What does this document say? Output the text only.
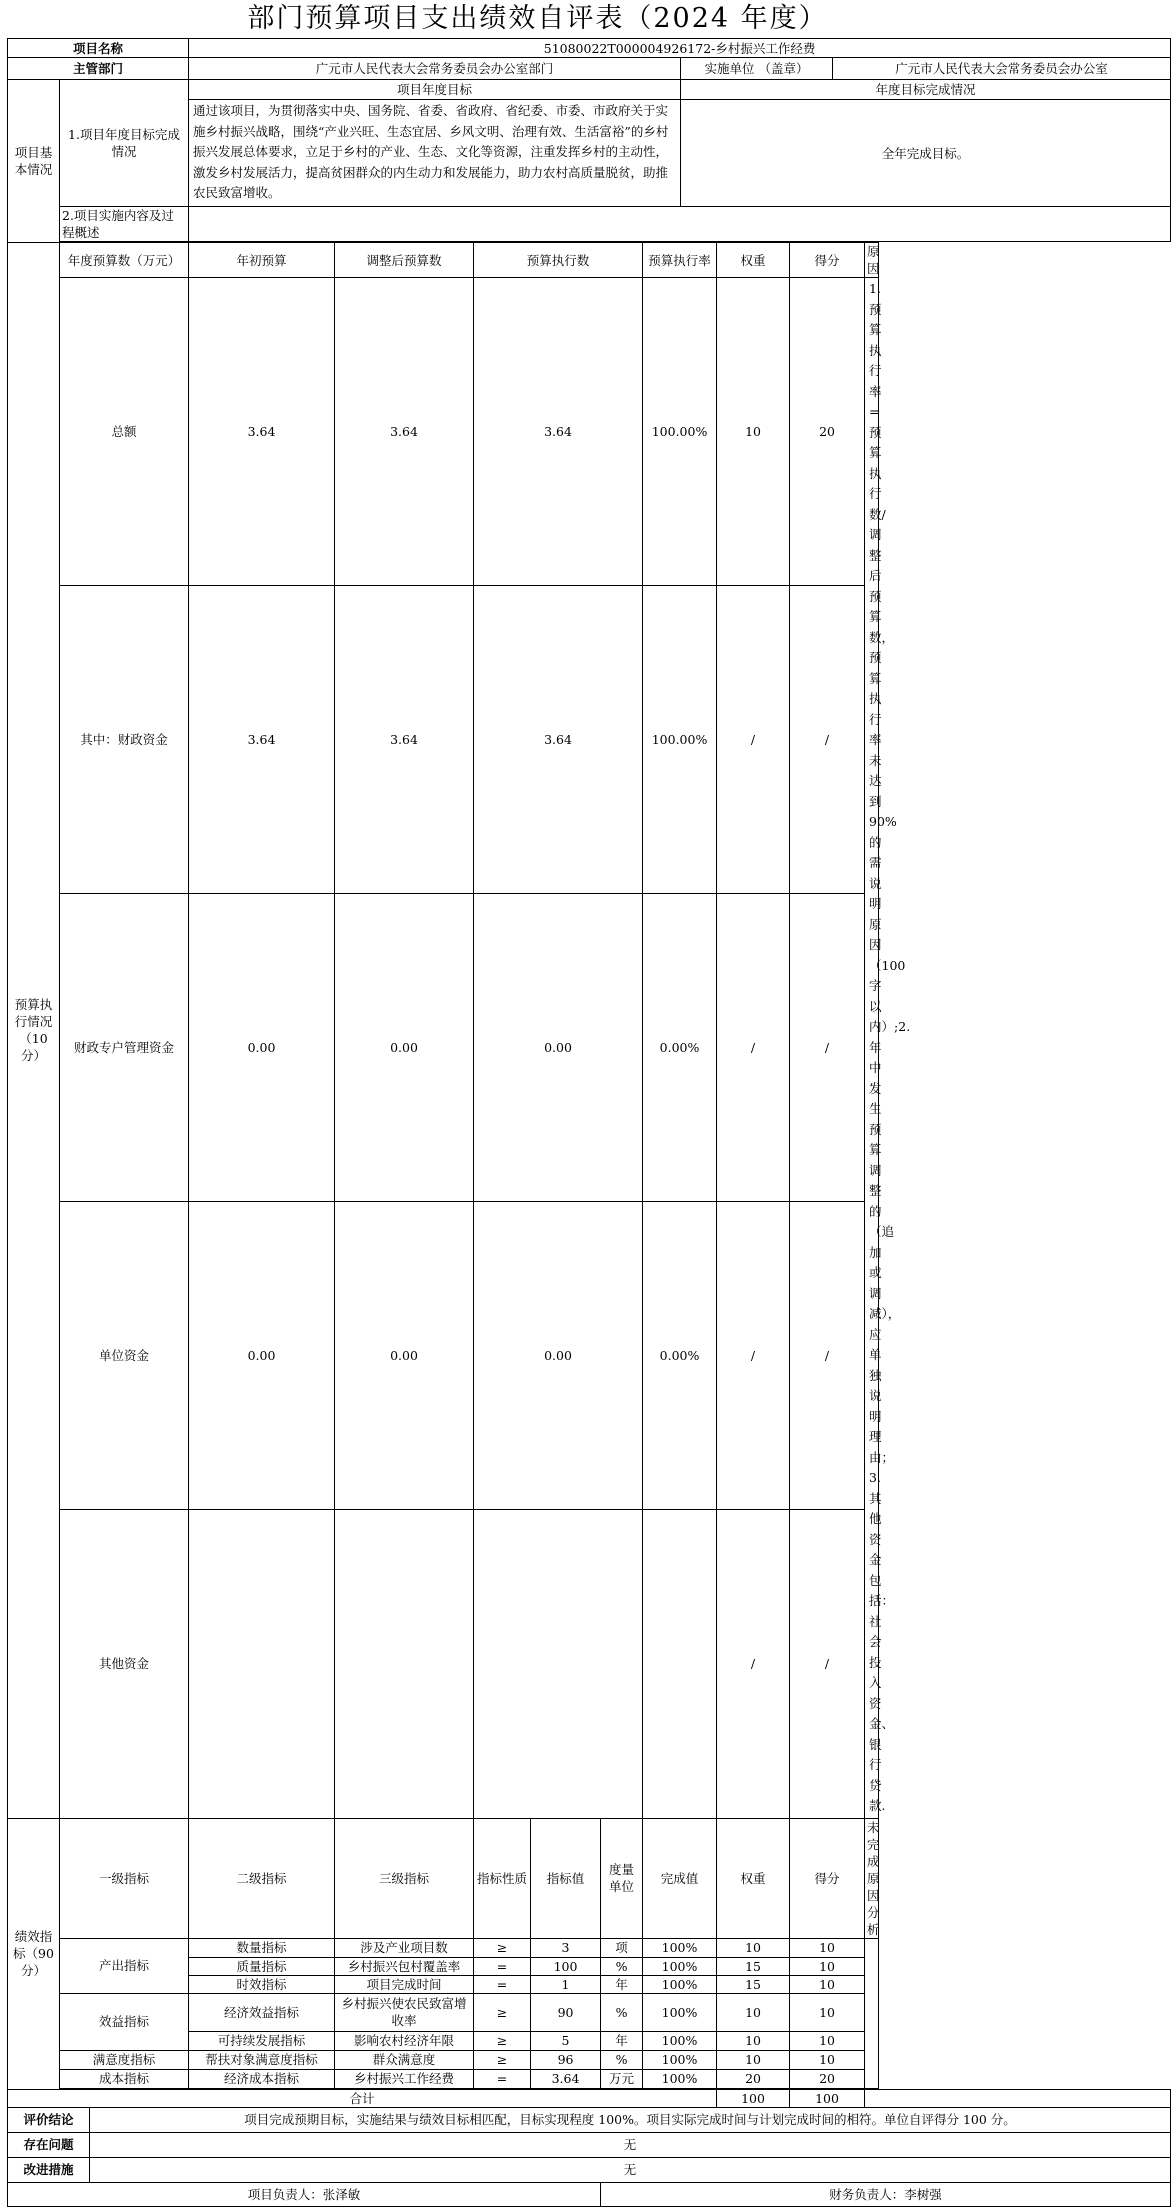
部门预算项目支出绩效自评表（2024 年度）
项目名称			51080022T000004926172-乡村振兴工作经费										
主管部门			广元市人民代表大会常务委员会办公室部门						实施单位 （盖章）			广元市人民代表大会常务委员会办公室	
项目基本情况	1.项目年度目标完成情况		项目年度目标						年度目标完成情况				
			通过该项目，为贯彻落实中央、国务院、省委、省政府、省纪委、市委、市政府关于实施乡村振兴战略，围绕“产业兴旺、生态宜居、乡风文明、治理有效、生活富裕”的乡村振兴发展总体要求，立足于乡村的产业、生态、文化等资源，注重发挥乡村的主动性，激发乡村发展活力，提高贫困群众的内生动力和发展能力，助力农村高质量脱贫，助推农民致富增收。						全年完成目标。				
	2.项目实施内容及过程概述												

预算执行情况（10分）	年度预算数（万元）		年初预算	调整后预算数	预算执行数			预算执行率		权重	得分		原因
	总额		3.64	3.64	3.64			100.00%		10	20		1.预算执行率=预算执行数/调整后预算数，预算执行率未达到 90%的需说明原因（100 字以内）;2.年中发生预算调整的（追加或调减），应单独说明理由；3.其他资金包括：社会投入资金、银行贷款.
	其中：财政资金		3.64	3.64	3.64			100.00%		/	/		
	财政专户管理资金		0.00	0.00	0.00			0.00%		/	/		
	单位资金		0.00	0.00	0.00			0.00%		/	/		
	其他资金									/	/		
绩效指标（90分）	一级指标		二级指标	三级指标	指标性质	指标值	度量单位	完成值		权重	得分		未完成原因分析
	产出指标		数量指标	涉及产业项目数	≥	3	项	100%		10	10		
			质量指标	乡村振兴包村覆盖率	=	100	%	100%		15	10		
			时效指标	项目完成时间	=	1	年	100%		15	10		
	效益指标		经济效益指标	乡村振兴使农民致富增收率	≥	90	%	100%		10	10		
			可持续发展指标	影响农村经济年限	≥	5	年	100%		10	10		
	满意度指标		帮扶对象满意度指标	群众满意度	≥	96	%	100%		10	10		
	成本指标		经济成本指标	乡村振兴工作经费	=	3.64	万元	100%		20	20		

合计										100	100		
评价结论		项目完成预期目标，实施结果与绩效目标相匹配，目标实现程度 100%。项目实际完成时间与计划完成时间的相符。单位自评得分 100 分。											
存在问题		无											
改进措施		无											
项目负责人：张泽敏							财务负责人：李树强						
